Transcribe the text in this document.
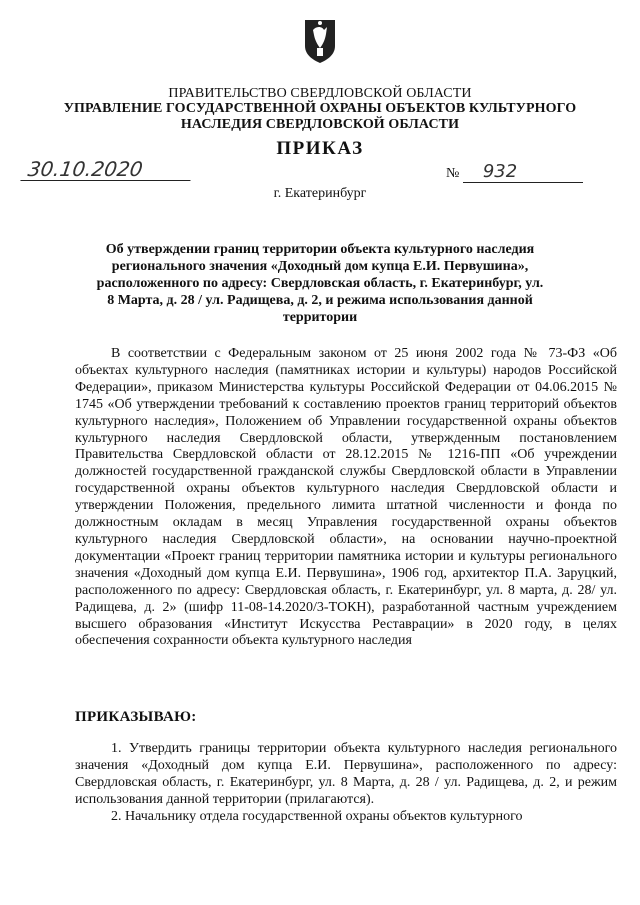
ПРАВИТЕЛЬСТВО СВЕРДЛОВСКОЙ ОБЛАСТИ
УПРАВЛЕНИЕ ГОСУДАРСТВЕННОЙ ОХРАНЫ ОБЪЕКТОВ КУЛЬТУРНОГО НАСЛЕДИЯ СВЕРДЛОВСКОЙ ОБЛАСТИ
ПРИКАЗ
30.10.2020	№ 932
г. Екатеринбург
Об утверждении границ территории объекта культурного наследия регионального значения «Доходный дом купца Е.И. Первушина», расположенного по адресу: Свердловская область, г. Екатеринбург, ул. 8 Марта, д. 28 / ул. Радищева, д. 2, и режима использования данной территории

В соответствии с Федеральным законом от 25 июня 2002 года № 73-ФЗ «Об объектах культурного наследия (памятниках истории и культуры) народов Российской Федерации», приказом Министерства культуры Российской Федерации от 04.06.2015 № 1745 «Об утверждении требований к составлению проектов границ территорий объектов культурного наследия», Положением об Управлении государственной охраны объектов культурного наследия Свердловской области, утвержденным постановлением Правительства Свердловской области от 28.12.2015 № 1216-ПП «Об учреждении должностей государственной гражданской службы Свердловской области в Управлении государственной охраны объектов культурного наследия Свердловской области и утверждении Положения, предельного лимита штатной численности и фонда по должностным окладам в месяц Управления государственной охраны объектов культурного наследия Свердловской области», на основании научно-проектной документации «Проект границ территории памятника истории и культуры регионального значения «Доходный дом купца Е.И. Первушина», 1906 год, архитектор П.А. Заруцкий, расположенного по адресу: Свердловская область, г. Екатеринбург, ул. 8 марта, д. 28/ ул. Радищева, д. 2» (шифр 11-08-14.2020/3-ТОКН), разработанной частным учреждением высшего образования «Институт Искусства Реставрации» в 2020 году, в целях обеспечения сохранности объекта культурного наследия

ПРИКАЗЫВАЮ:

1. Утвердить границы территории объекта культурного наследия регионального значения «Доходный дом купца Е.И. Первушина», расположенного по адресу: Свердловская область, г. Екатеринбург, ул. 8 Марта, д. 28 / ул. Радищева, д. 2, и режим использования данной территории (прилагаются).

2. Начальнику отдела государственной охраны объектов культурного
